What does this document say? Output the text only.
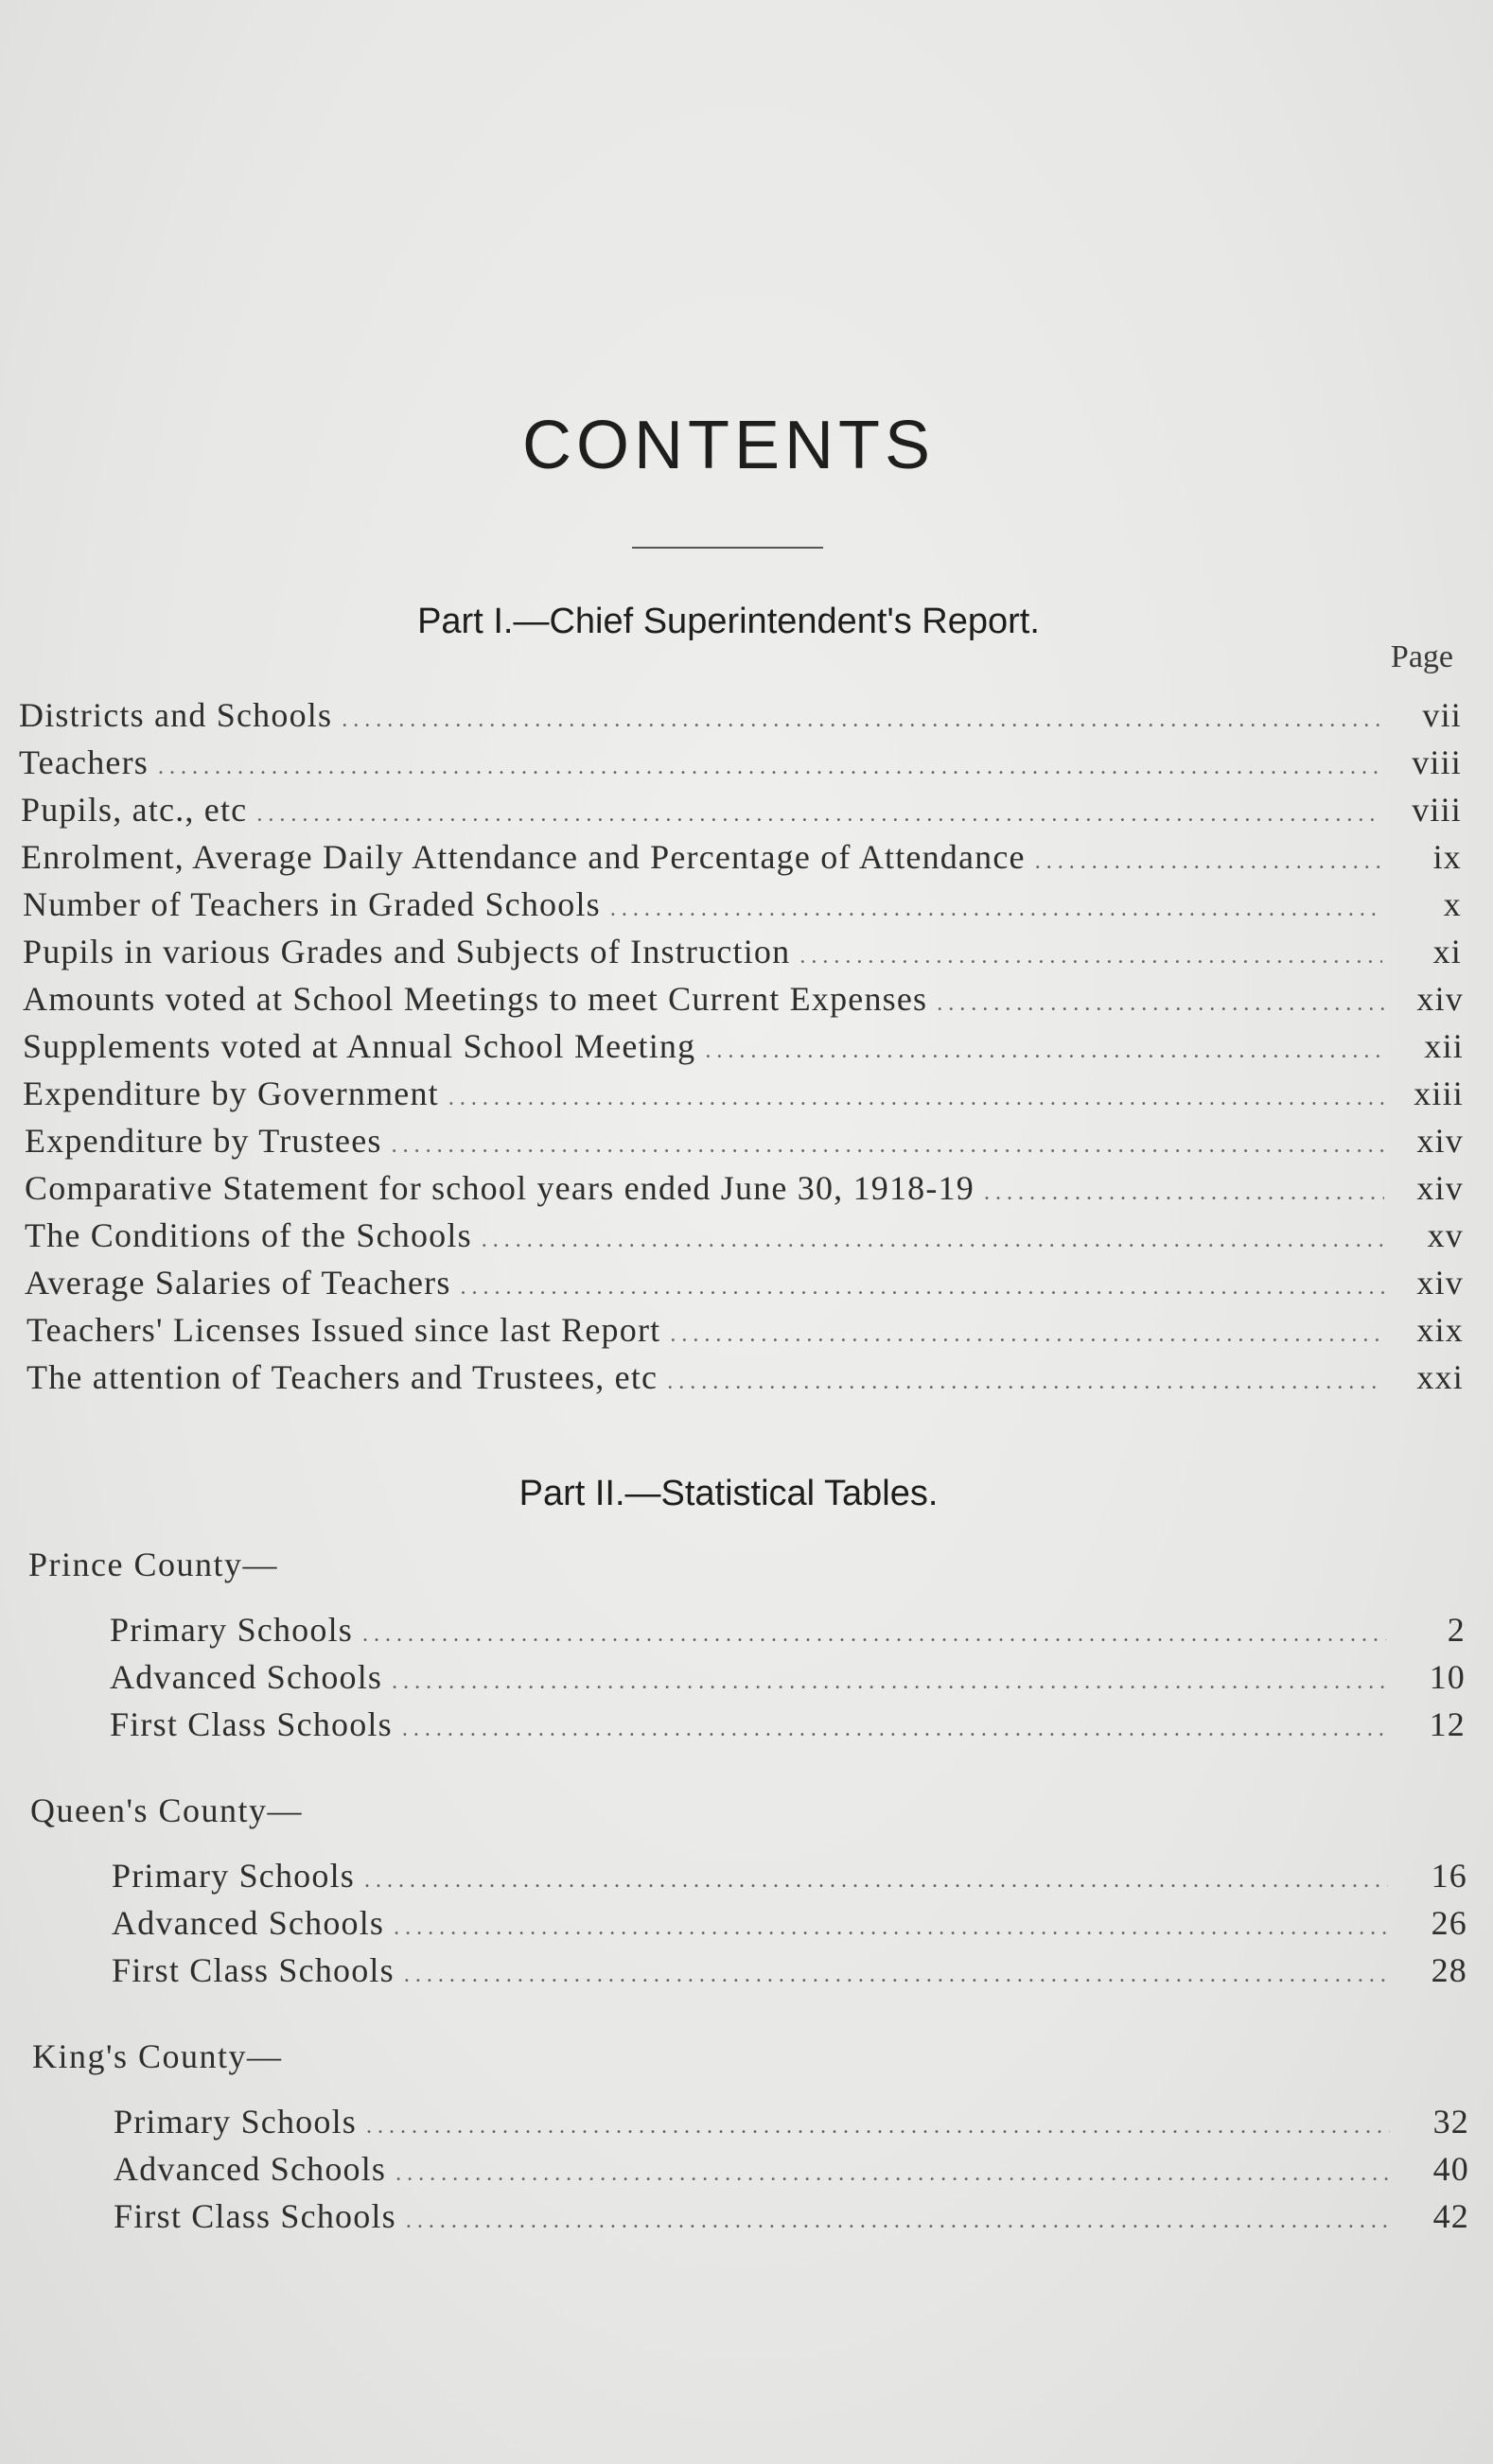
CONTENTS
Part I.—Chief Superintendent's Report.
Page
Districts and Schools . . .	vii
Teachers . . .	viii
Pupils, atc., etc . . .	viii
Enrolment, Average Daily Attendance and Percentage of Attendance . . .	ix
Number of Teachers in Graded Schools . . .	x
Pupils in various Grades and Subjects of Instruction . . .	xi
Amounts voted at School Meetings to meet Current Expenses . . .	xiv
Supplements voted at Annual School Meeting . . .	xii
Expenditure by Government . . .	xiii
Expenditure by Trustees . . .	xiv
Comparative Statement for school years ended June 30, 1918-19 . . .	xiv
The Conditions of the Schools . . .	xv
Average Salaries of Teachers . . .	xiv
Teachers' Licenses Issued since last Report . . .	xix
The attention of Teachers and Trustees, etc . . .	xxi
Part II.—Statistical Tables.
Prince County—
Primary Schools . . .	2
Advanced Schools . . .	10
First Class Schools . . .	12
Queen's County—
Primary Schools . . .	16
Advanced Schools . . .	26
First Class Schools . . .	28
King's County—
Primary Schools . . .	32
Advanced Schools . . .	40
First Class Schools . . .	42
